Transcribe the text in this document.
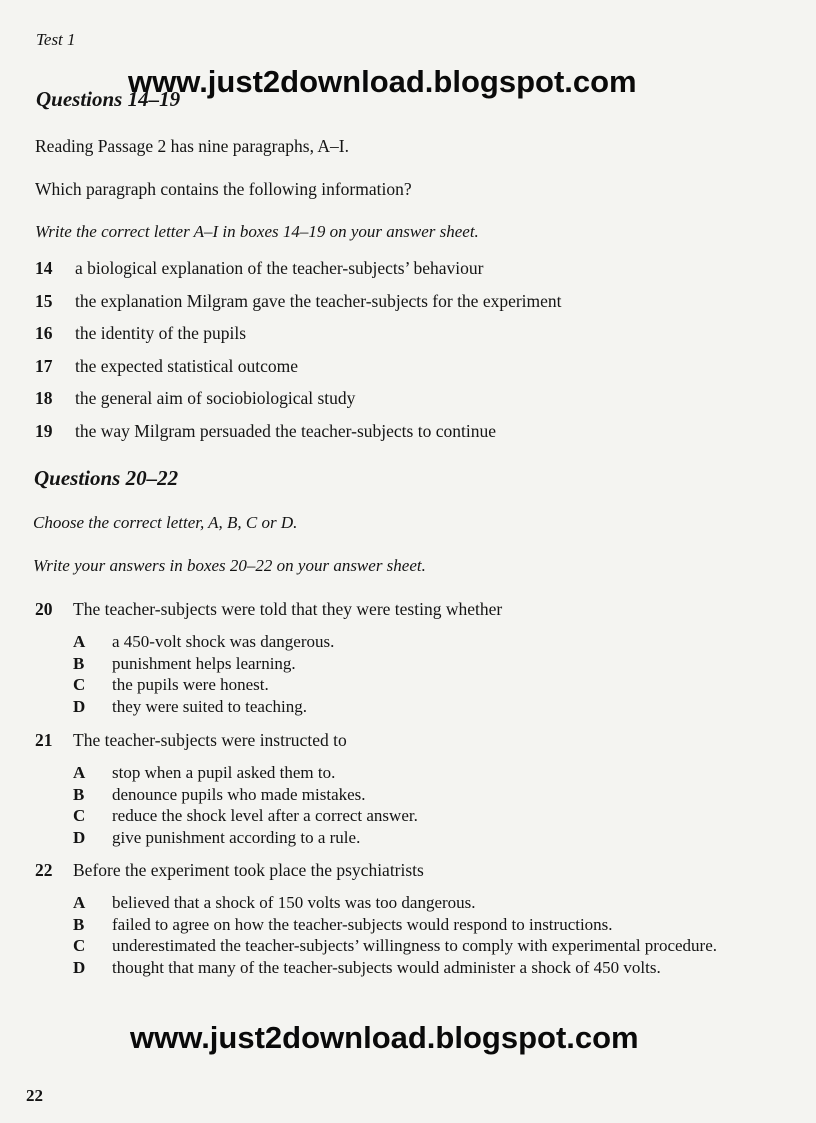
Test 1
Questions 14–19
www.just2download.blogspot.com
Reading Passage 2 has nine paragraphs, A–I.
Which paragraph contains the following information?
Write the correct letter A–I in boxes 14–19 on your answer sheet.
14	a biological explanation of the teacher-subjects’ behaviour
15	the explanation Milgram gave the teacher-subjects for the experiment
16	the identity of the pupils
17	the expected statistical outcome
18	the general aim of sociobiological study
19	the way Milgram persuaded the teacher-subjects to continue
Questions 20–22
Choose the correct letter, A, B, C or D.
Write your answers in boxes 20–22 on your answer sheet.
20	The teacher-subjects were told that they were testing whether
A	a 450-volt shock was dangerous.
B	punishment helps learning.
C	the pupils were honest.
D	they were suited to teaching.
21	The teacher-subjects were instructed to
A	stop when a pupil asked them to.
B	denounce pupils who made mistakes.
C	reduce the shock level after a correct answer.
D	give punishment according to a rule.
22	Before the experiment took place the psychiatrists
A	believed that a shock of 150 volts was too dangerous.
B	failed to agree on how the teacher-subjects would respond to instructions.
C	underestimated the teacher-subjects’ willingness to comply with experimental procedure.
D	thought that many of the teacher-subjects would administer a shock of 450 volts.
www.just2download.blogspot.com
22
